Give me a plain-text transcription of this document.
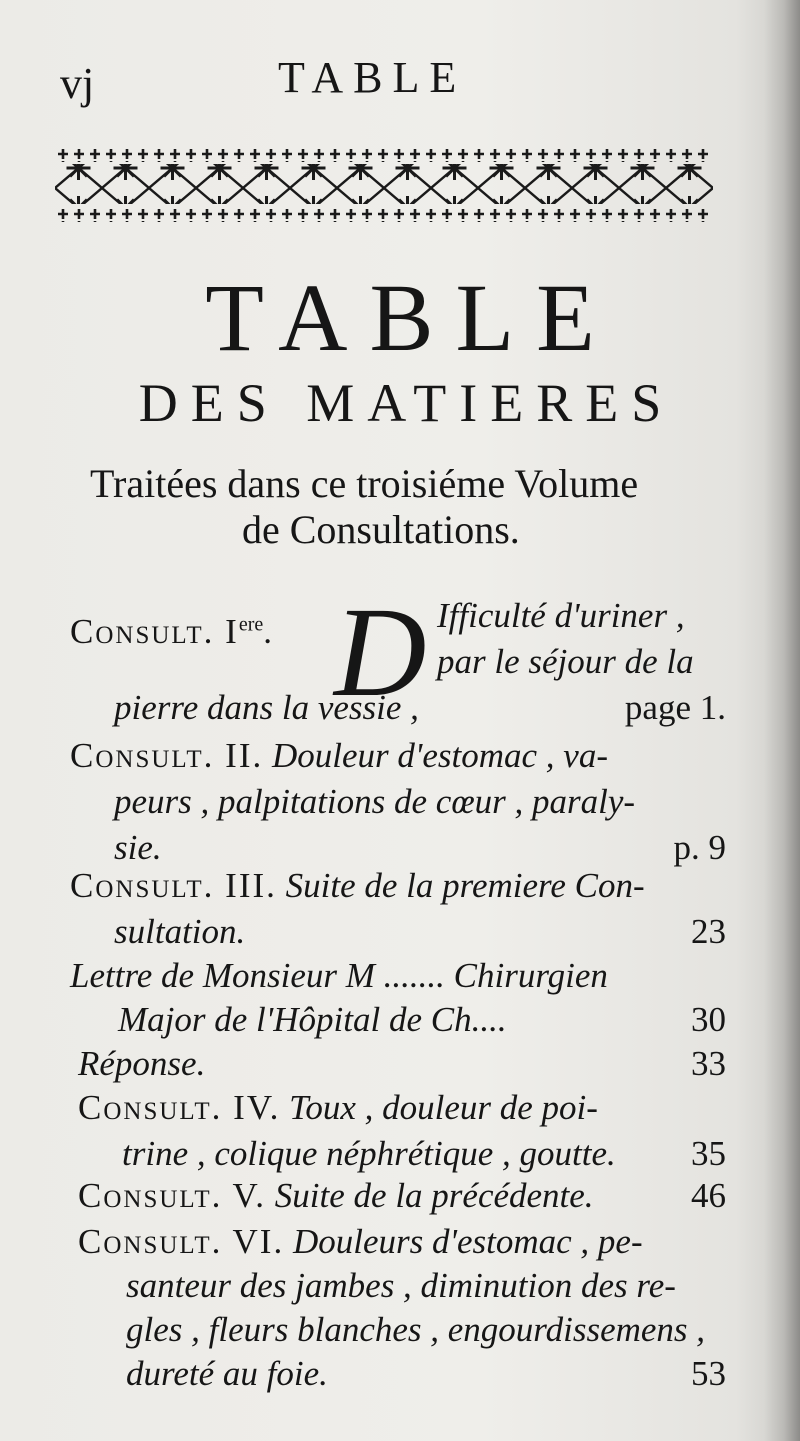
vj	TABLE
TABLE
DES MATIERES
Traitées dans ce troisiéme Volume
de Consultations.
Consult. Iere. D Ifficulté d'uriner ,
par le séjour de la
pierre dans la vessie ,	page 1.
Consult. II. Douleur d'estomac , va-
peurs , palpitations de cœur , paraly-
sie.	p. 9
Consult. III. Suite de la premiere Con-
sultation.	23
Lettre de Monsieur M ....... Chirurgien
Major de l'Hôpital de Ch....	30
Réponse.	33
Consult. IV. Toux , douleur de poi-
trine , colique néphrétique , goutte. 35
Consult. V. Suite de la précédente.	46
Consult. VI. Douleurs d'estomac , pe-
santeur des jambes , diminution des re-
gles , fleurs blanches , engourdissemens ,
dureté au foie.	53
